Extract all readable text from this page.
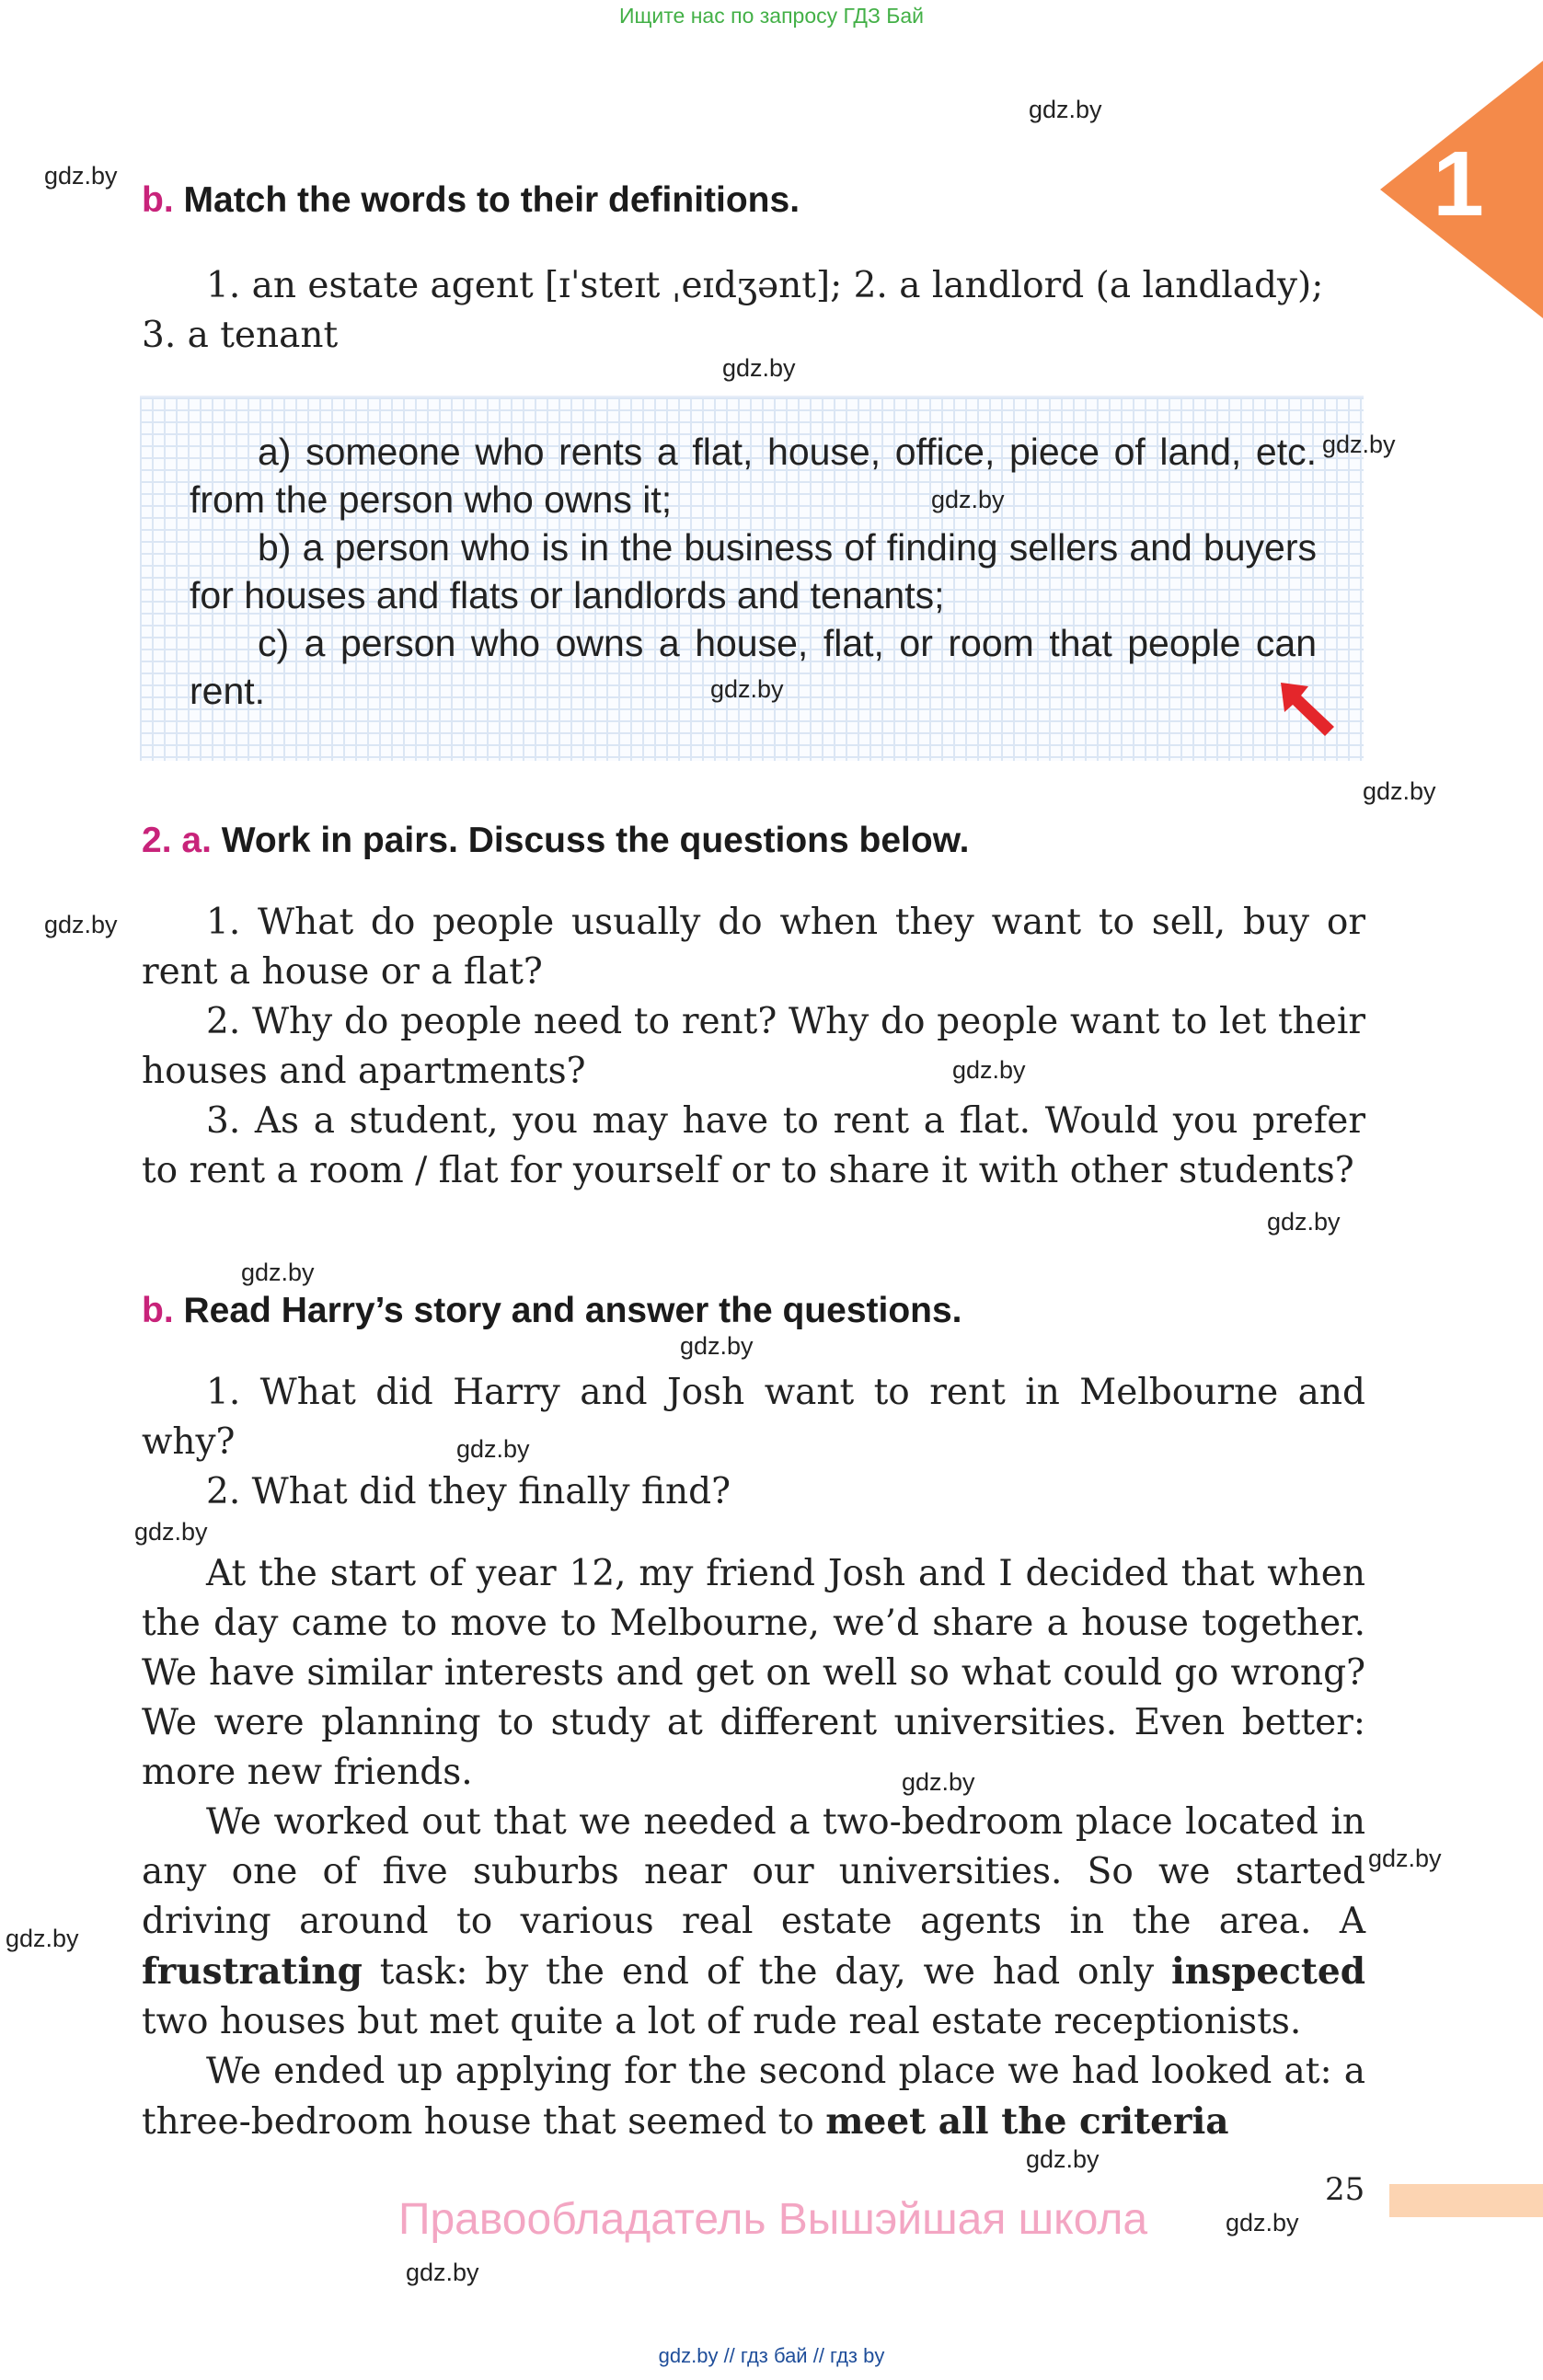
Ищите нас по запросу ГДЗ Бай
1
b. Match the words to their definitions.

1. an estate agent [ɪˈsteɪt ˌeɪdʒənt]; 2. a landlord (a landlady);

3. a tenant

a) someone who rents a flat, house, office, piece of land, etc. from the person who owns it;

b) a person who is in the business of finding sellers and buyers for houses and flats or landlords and tenants;

c) a person who owns a house, flat, or room that people can rent.

2. a. Work in pairs. Discuss the questions below.

1. What do people usually do when they want to sell, buy or rent a house or a flat?

2. Why do people need to rent? Why do people want to let their houses and apartments?

3. As a student, you may have to rent a flat. Would you prefer to rent a room / flat for yourself or to share it with other students?

b. Read Harry’s story and answer the questions.

1. What did Harry and Josh want to rent in Melbourne and why?

2. What did they finally find?

At the start of year 12, my friend Josh and I decided that when the day came to move to Melbourne, we’d share a house together. We have similar interests and get on well so what could go wrong? We were planning to study at different universities. Even better: more new friends.

We worked out that we needed a two-bedroom place located in any one of five suburbs near our universities. So we started driving around to various real estate agents in the area. A frustrating task: by the end of the day, we had only inspected two houses but met quite a lot of rude real estate receptionists.

We ended up applying for the second place we had looked at: a three-bedroom house that seemed to meet all the criteria

gdz.by
gdz.by
gdz.by
gdz.by
gdz.by
gdz.by
gdz.by
gdz.by
gdz.by
gdz.by
gdz.by
gdz.by
gdz.by
gdz.by
gdz.by
gdz.by
gdz.by
gdz.by
gdz.by
gdz.by
25
Правообладатель Вышэйшая школа
gdz.by // гдз бай // гдз by
